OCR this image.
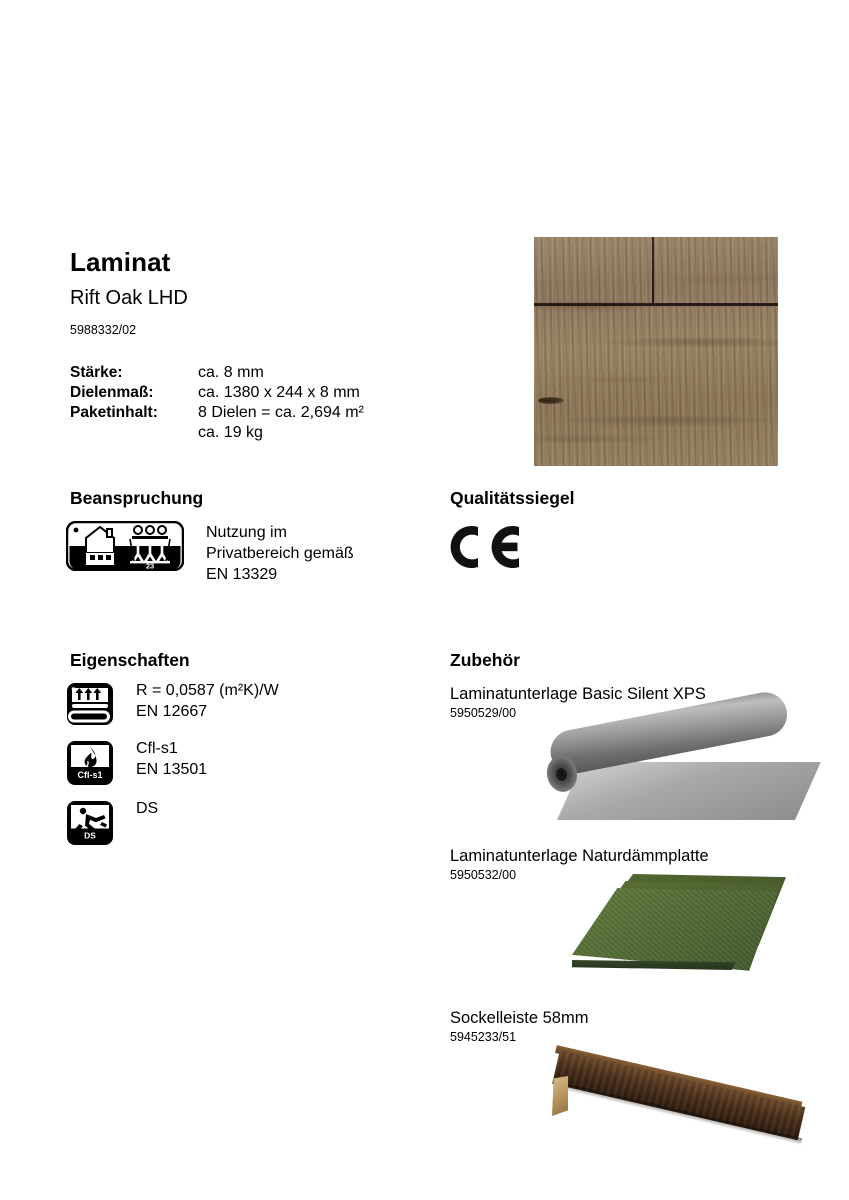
Laminat
Rift Oak LHD
5988332/02
Stärke:	ca. 8 mm
Dielenmaß:	ca. 1380 x 244 x 8 mm
Paketinhalt:	8 Dielen = ca. 2,694 m²
ca. 19 kg
Beanspruchung
23
Nutzung im
Privatbereich gemäß
EN 13329
Qualitätssiegel
Eigenschaften
R = 0,0587 (m²K)/W
EN 12667
Cfl-s1
Cfl-s1
EN 13501
DS
DS
Zubehör
Laminatunterlage Basic Silent XPS
5950529/00
Laminatunterlage Naturdämmplatte
5950532/00
Sockelleiste 58mm
5945233/51
